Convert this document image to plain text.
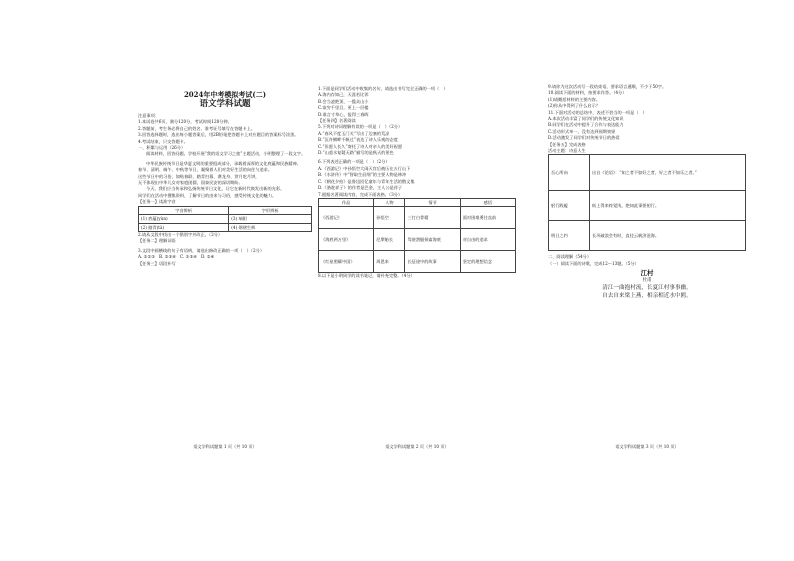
2024年中考模拟考试(二)

语文学科试题

注意事项：

1.本试卷共6页，满分120分，考试时间120分钟。

2.答题前，考生务必将自己的姓名、准考证号填写在答题卡上。

3.回答选择题时，选出每小题答案后，用2B铅笔把答题卡上对应题目的答案标号涂黑。

4.考试结束，只交答题卡。

一、积累与运用（26分）

阅读材料，回答问题。学校开展“我的语文学习之旅”主题活动，小明整理了一段文字。

中华民族传统节日是华夏文明的重要组成部分，承载着深厚的文化底蕴和民族精神。

春节、清明、端午、中秋等节日，凝聚着人们对美好生活的向往与追求。

这些节日中的习俗，如贴春联、踏青扫墓、赛龙舟、赏月吃月饼，

无不体现出中华儿女对家庭团圆、国泰民安的深切期盼。

今天，我们应当传承和弘扬传统节日文化，让它在新时代焕发出新的光彩。

同学们在活动中搜集资料，了解节日的由来与习俗，感受传统文化的魅力。

【任务一】读准字音

字音辨析	字形辨析
(1) 底蕴(yùn)	(3) 端阳
(2) 踏青(tà)	(4) 熠熠生辉

2.请从文段中找出一个错别字并改正。（2分）

【任务二】理解词语

3.文段中画横线的句子有语病，请选出修改正确的一项（　）（2分）

A. ①②③ B. ②③④ C. ①③④ D. ②④

【任务三】语段补写

语文学科试题第 1 页（共 10 页）

1.下面是同学们活动中收集的名句，请选出书写完全正确的一项（　）

A.海内存知己，天涯若比邻

B.会当凌绝顶，一揽众山小

C.欲穷千里目，更上一层楼

D.谁言寸草心，报得三春晖

【任务四】名著阅读

5.下列对诗词理解有误的一项是（　）（2分）

A.“春风不度玉门关”写出了边塞的荒凉

B.“沉舟侧畔千帆过”表达了诗人乐观的态度

C.“但愿人长久”寄托了诗人对亲人的美好祝愿

D.“山重水复疑无路”描写的是秋天的景色

6.下列表述正确的一项是（　）（2分）

A.《西游记》中孙悟空大闹天宫后被压在五行山下

B.《水浒传》中“智取生辰纲”的主要人物是林冲

C.《朝花夕拾》是鲁迅回忆童年与青年生活的散文集

D.《骆驼祥子》的作者是巴金，主人公是祥子

7.根据名著阅读内容，完成下面表格。（3分）

作品	人物	情节	感悟
《西游记》	孙悟空	三打白骨精	面对困难勇往直前
《海底两万里》	尼摩船长	驾驶潜艇探索海底	对自由的追求
《红星照耀中国》	周恩来	长征途中的故事	坚定的理想信念

8.以下是小明同学的读书笔记，请补充完整。（4分）

语文学科试题第 2 页（共 10 页）

9.请你为这次活动写一段结束语，要求语言通顺，不少于50字。

10.阅读下面的材料，按要求作答。（4分）

(1)请概括材料的主要内容。

(2)你从中得到了什么启示？

11.下面对活动的总结中，表述不恰当的一项是（　）

A.本次活动丰富了同学们的传统文化知识

B.同学们在活动中提升了合作与表达能力

C.活动形式单一，没有达到预期效果

D.活动激发了同学们对传统节日的热爱

【任务五】完成表格

活动主题：诗意人生

吾心所向	出自《论语》：“知之者不如好之者，好之者不如乐之者。”
躬行践履	纸上得来终觉浅，绝知此事要躬行。
明日之约	长风破浪会有时，直挂云帆济沧海。

二、阅读理解（54分）

（一）阅读下面的诗歌，完成12～13题。（5分）

江村

杜甫

清江一曲抱村流，长夏江村事事幽。

自去自来梁上燕，相亲相近水中鸥。

语文学科试题第 3 页（共 10 页）
